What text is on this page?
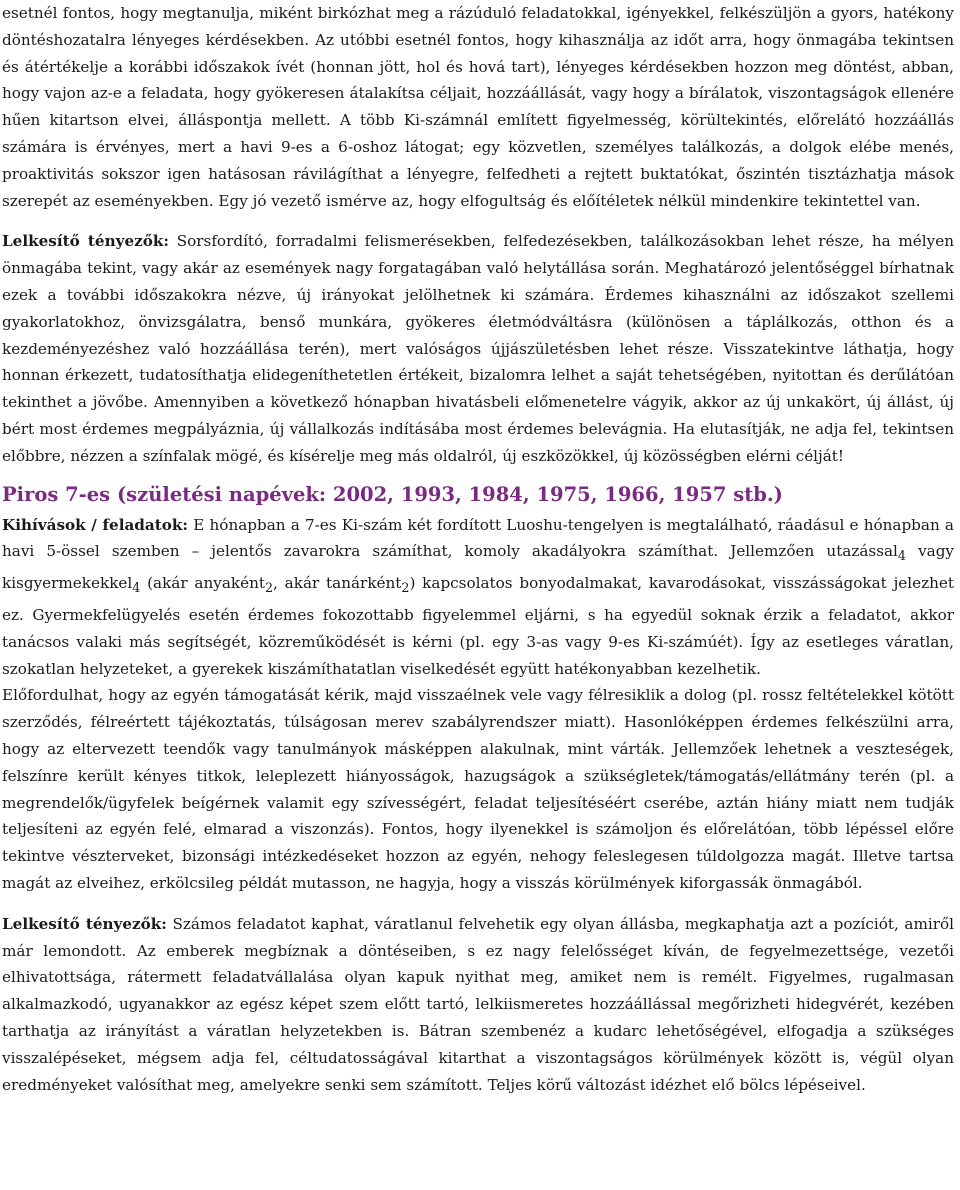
esetnél fontos, hogy megtanulja, miként birkózhat meg a rázúduló feladatokkal, igényekkel, felkészüljön a gyors, hatékony döntéshozatalra lényeges kérdésekben. Az utóbbi esetnél fontos, hogy kihasználja az időt arra, hogy önmagába tekintsen és átértékelje a korábbi időszakok ívét (honnan jött, hol és hová tart), lényeges kérdésekben hozzon meg döntést, abban, hogy vajon az-e a feladata, hogy gyökeresen átalakítsa céljait, hozzáállását, vagy hogy a bírálatok, viszontagságok ellenére hűen kitartson elvei, álláspontja mellett. A több Ki-számnál említett figyelmesség, körültekintés, előrelátó hozzáállás számára is érvényes, mert a havi 9-es a 6-oshoz látogat; egy közvetlen, személyes találkozás, a dolgok elébe menés, proaktivitás sokszor igen hatásosan rávilágíthat a lényegre, felfedheti a rejtett buktatókat, őszintén tisztázhatja mások szerepét az eseményekben. Egy jó vezető ismérve az, hogy elfogultság és előítéletek nélkül mindenkire tekintettel van.

Lelkesítő tényezők: Sorsfordító, forradalmi felismerésekben, felfedezésekben, találkozásokban lehet része, ha mélyen önmagába tekint, vagy akár az események nagy forgatagában való helytállása során. Meghatározó jelentőséggel bírhatnak ezek a további időszakokra nézve, új irányokat jelölhetnek ki számára. Érdemes kihasználni az időszakot szellemi gyakorlatokhoz, önvizsgálatra, benső munkára, gyökeres életmódváltásra (különösen a táplálkozás, otthon és a kezdeményezéshez való hozzáállása terén), mert valóságos újjászületésben lehet része. Visszatekintve láthatja, hogy honnan érkezett, tudatosíthatja elidegeníthetetlen értékeit, bizalomra lelhet a saját tehetségében, nyitottan és derűlátóan tekinthet a jövőbe. Amennyiben a következő hónapban hivatásbeli előmenetelre vágyik, akkor az új unkakört, új állást, új bért most érdemes megpályáznia, új vállalkozás indításába most érdemes belevágnia. Ha elutasítják, ne adja fel, tekintsen előbbre, nézzen a színfalak mögé, és kísérelje meg más oldalról, új eszközökkel, új közösségben elérni célját!

Piros 7-es (születési napévek: 2002, 1993, 1984, 1975, 1966, 1957 stb.)

Kihívások / feladatok: E hónapban a 7-es Ki-szám két fordított Luoshu-tengelyen is megtalálható, ráadásul e hónapban a havi 5-össel szemben – jelentős zavarokra számíthat, komoly akadályokra számíthat. Jellemzően utazással$_4$ vagy kisgyermekekkel$_4$ (akár anyaként$_2$, akár tanárként$_2$) kapcsolatos bonyodalmakat, kavarodásokat, visszásságokat jelezhet ez. Gyermekfelügyelés esetén érdemes fokozottabb figyelemmel eljárni, s ha egyedül soknak érzik a feladatot, akkor tanácsos valaki más segítségét, közreműködését is kérni (pl. egy 3-as vagy 9-es Ki-számúét). Így az esetleges váratlan, szokatlan helyzeteket, a gyerekek kiszámíthatatlan viselkedését együtt hatékonyabban kezelhetik.

Előfordulhat, hogy az egyén támogatását kérik, majd visszaélnek vele vagy félresiklik a dolog (pl. rossz feltételekkel kötött szerződés, félreértett tájékoztatás, túlságosan merev szabályrendszer miatt). Hasonlóképpen érdemes felkészülni arra, hogy az eltervezett teendők vagy tanulmányok másképpen alakulnak, mint várták. Jellemzőek lehetnek a veszteségek, felszínre került kényes titkok, leleplezett hiányosságok, hazugságok a szükségletek/támogatás/ellátmány terén (pl. a megrendelők/ügyfelek beígérnek valamit egy szívességért, feladat teljesítéséért cserébe, aztán hiány miatt nem tudják teljesíteni az egyén felé, elmarad a viszonzás). Fontos, hogy ilyenekkel is számoljon és előrelátóan, több lépéssel előre tekintve vészterveket, bizonsági intézkedéseket hozzon az egyén, nehogy feleslegesen túldolgozza magát. Illetve tartsa magát az elveihez, erkölcsileg példát mutasson, ne hagyja, hogy a visszás körülmények kiforgassák önmagából.

Lelkesítő tényezők: Számos feladatot kaphat, váratlanul felvehetik egy olyan állásba, megkaphatja azt a pozíciót, amiről már lemondott. Az emberek megbíznak a döntéseiben, s ez nagy felelősséget kíván, de fegyelmezettsége, vezetői elhivatottsága, rátermett feladatvállalása olyan kapuk nyithat meg, amiket nem is remélt. Figyelmes, rugalmasan alkalmazkodó, ugyanakkor az egész képet szem előtt tartó, lelkiismeretes hozzáállással megőrizheti hidegvérét, kezében tarthatja az irányítást a váratlan helyzetekben is. Bátran szembenéz a kudarc lehetőségével, elfogadja a szükséges visszalépéseket, mégsem adja fel, céltudatosságával kitarthat a viszontagságos körülmények között is, végül olyan eredményeket valósíthat meg, amelyekre senki sem számított. Teljes körű változást idézhet elő bölcs lépéseivel.
